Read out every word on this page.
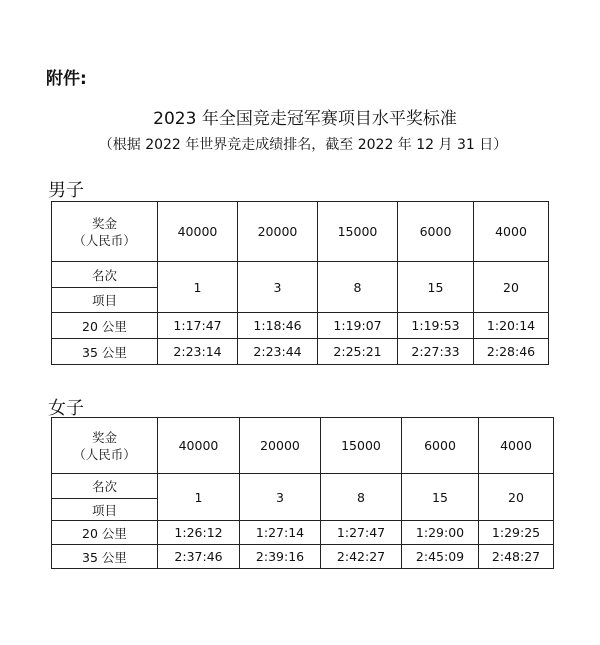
附件:

2023 年全国竞走冠军赛项目水平奖标准

（根据 2022 年世界竞走成绩排名，截至 2022 年 12 月 31 日）

男子

奖金
（人民币）	40000	20000	15000	6000	4000
名次	1	3	8	15	20
项目					
20 公里	1:17:47	1:18:46	1:19:07	1:19:53	1:20:14
35 公里	2:23:14	2:23:44	2:25:21	2:27:33	2:28:46

女子

奖金
（人民币）	40000	20000	15000	6000	4000
名次	1	3	8	15	20
项目					
20 公里	1:26:12	1:27:14	1:27:47	1:29:00	1:29:25
35 公里	2:37:46	2:39:16	2:42:27	2:45:09	2:48:27
